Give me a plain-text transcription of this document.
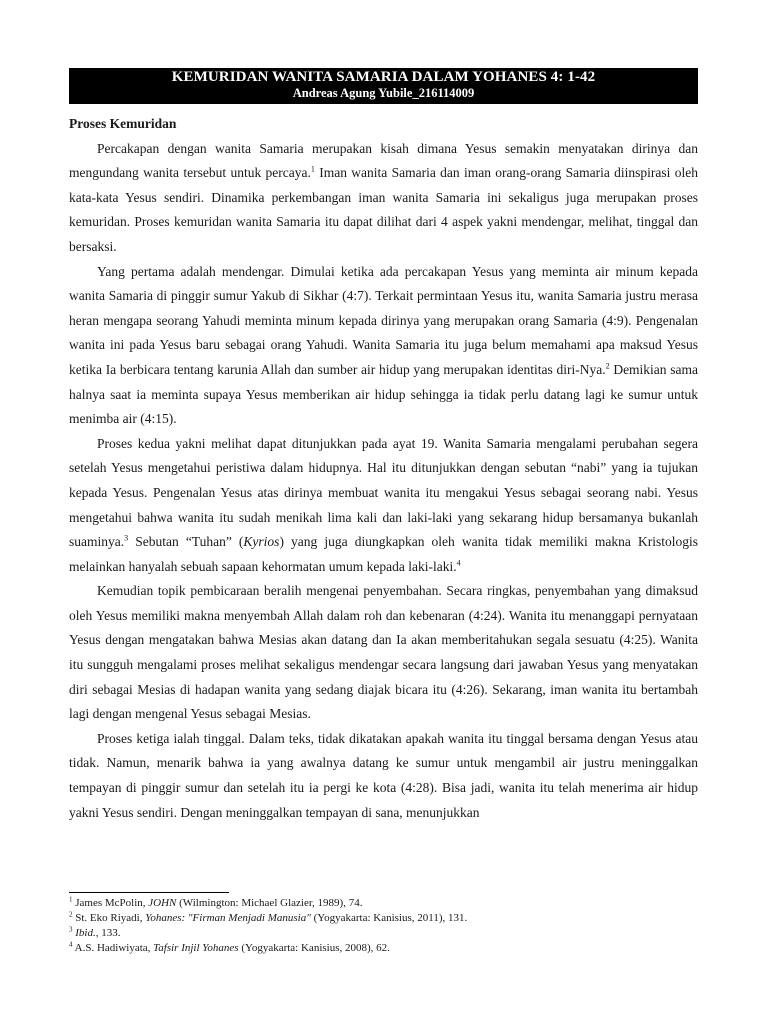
KEMURIDAN WANITA SAMARIA DALAM YOHANES 4: 1-42
Andreas Agung Yubile_216114009

Proses Kemuridan

Percakapan dengan wanita Samaria merupakan kisah dimana Yesus semakin menyatakan dirinya dan mengundang wanita tersebut untuk percaya.$^1$ Iman wanita Samaria dan iman orang-orang Samaria diinspirasi oleh kata-kata Yesus sendiri. Dinamika perkembangan iman wanita Samaria ini sekaligus juga merupakan proses kemuridan. Proses kemuridan wanita Samaria itu dapat dilihat dari 4 aspek yakni mendengar, melihat, tinggal dan bersaksi.

Yang pertama adalah mendengar. Dimulai ketika ada percakapan Yesus yang meminta air minum kepada wanita Samaria di pinggir sumur Yakub di Sikhar (4:7). Terkait permintaan Yesus itu, wanita Samaria justru merasa heran mengapa seorang Yahudi meminta minum kepada dirinya yang merupakan orang Samaria (4:9). Pengenalan wanita ini pada Yesus baru sebagai orang Yahudi. Wanita Samaria itu juga belum memahami apa maksud Yesus ketika Ia berbicara tentang karunia Allah dan sumber air hidup yang merupakan identitas diri-Nya.$^2$ Demikian sama halnya saat ia meminta supaya Yesus memberikan air hidup sehingga ia tidak perlu datang lagi ke sumur untuk menimba air (4:15).

Proses kedua yakni melihat dapat ditunjukkan pada ayat 19. Wanita Samaria mengalami perubahan segera setelah Yesus mengetahui peristiwa dalam hidupnya. Hal itu ditunjukkan dengan sebutan “nabi” yang ia tujukan kepada Yesus. Pengenalan Yesus atas dirinya membuat wanita itu mengakui Yesus sebagai seorang nabi. Yesus mengetahui bahwa wanita itu sudah menikah lima kali dan laki-laki yang sekarang hidup bersamanya bukanlah suaminya.$^3$ Sebutan “Tuhan” (Kyrios) yang juga diungkapkan oleh wanita tidak memiliki makna Kristologis melainkan hanyalah sebuah sapaan kehormatan umum kepada laki-laki.$^4$

Kemudian topik pembicaraan beralih mengenai penyembahan. Secara ringkas, penyembahan yang dimaksud oleh Yesus memiliki makna menyembah Allah dalam roh dan kebenaran (4:24). Wanita itu menanggapi pernyataan Yesus dengan mengatakan bahwa Mesias akan datang dan Ia akan memberitahukan segala sesuatu (4:25). Wanita itu sungguh mengalami proses melihat sekaligus mendengar secara langsung dari jawaban Yesus yang menyatakan diri sebagai Mesias di hadapan wanita yang sedang diajak bicara itu (4:26). Sekarang, iman wanita itu bertambah lagi dengan mengenal Yesus sebagai Mesias.

Proses ketiga ialah tinggal. Dalam teks, tidak dikatakan apakah wanita itu tinggal bersama dengan Yesus atau tidak. Namun, menarik bahwa ia yang awalnya datang ke sumur untuk mengambil air justru meninggalkan tempayan di pinggir sumur dan setelah itu ia pergi ke kota (4:28). Bisa jadi, wanita itu telah menerima air hidup yakni Yesus sendiri. Dengan meninggalkan tempayan di sana, menunjukkan

$^1$ James McPolin, JOHN (Wilmington: Michael Glazier, 1989), 74.

$^2$ St. Eko Riyadi, Yohanes: "Firman Menjadi Manusia" (Yogyakarta: Kanisius, 2011), 131.

$^3$ Ibid., 133.

$^4$ A.S. Hadiwiyata, Tafsir Injil Yohanes (Yogyakarta: Kanisius, 2008), 62.
